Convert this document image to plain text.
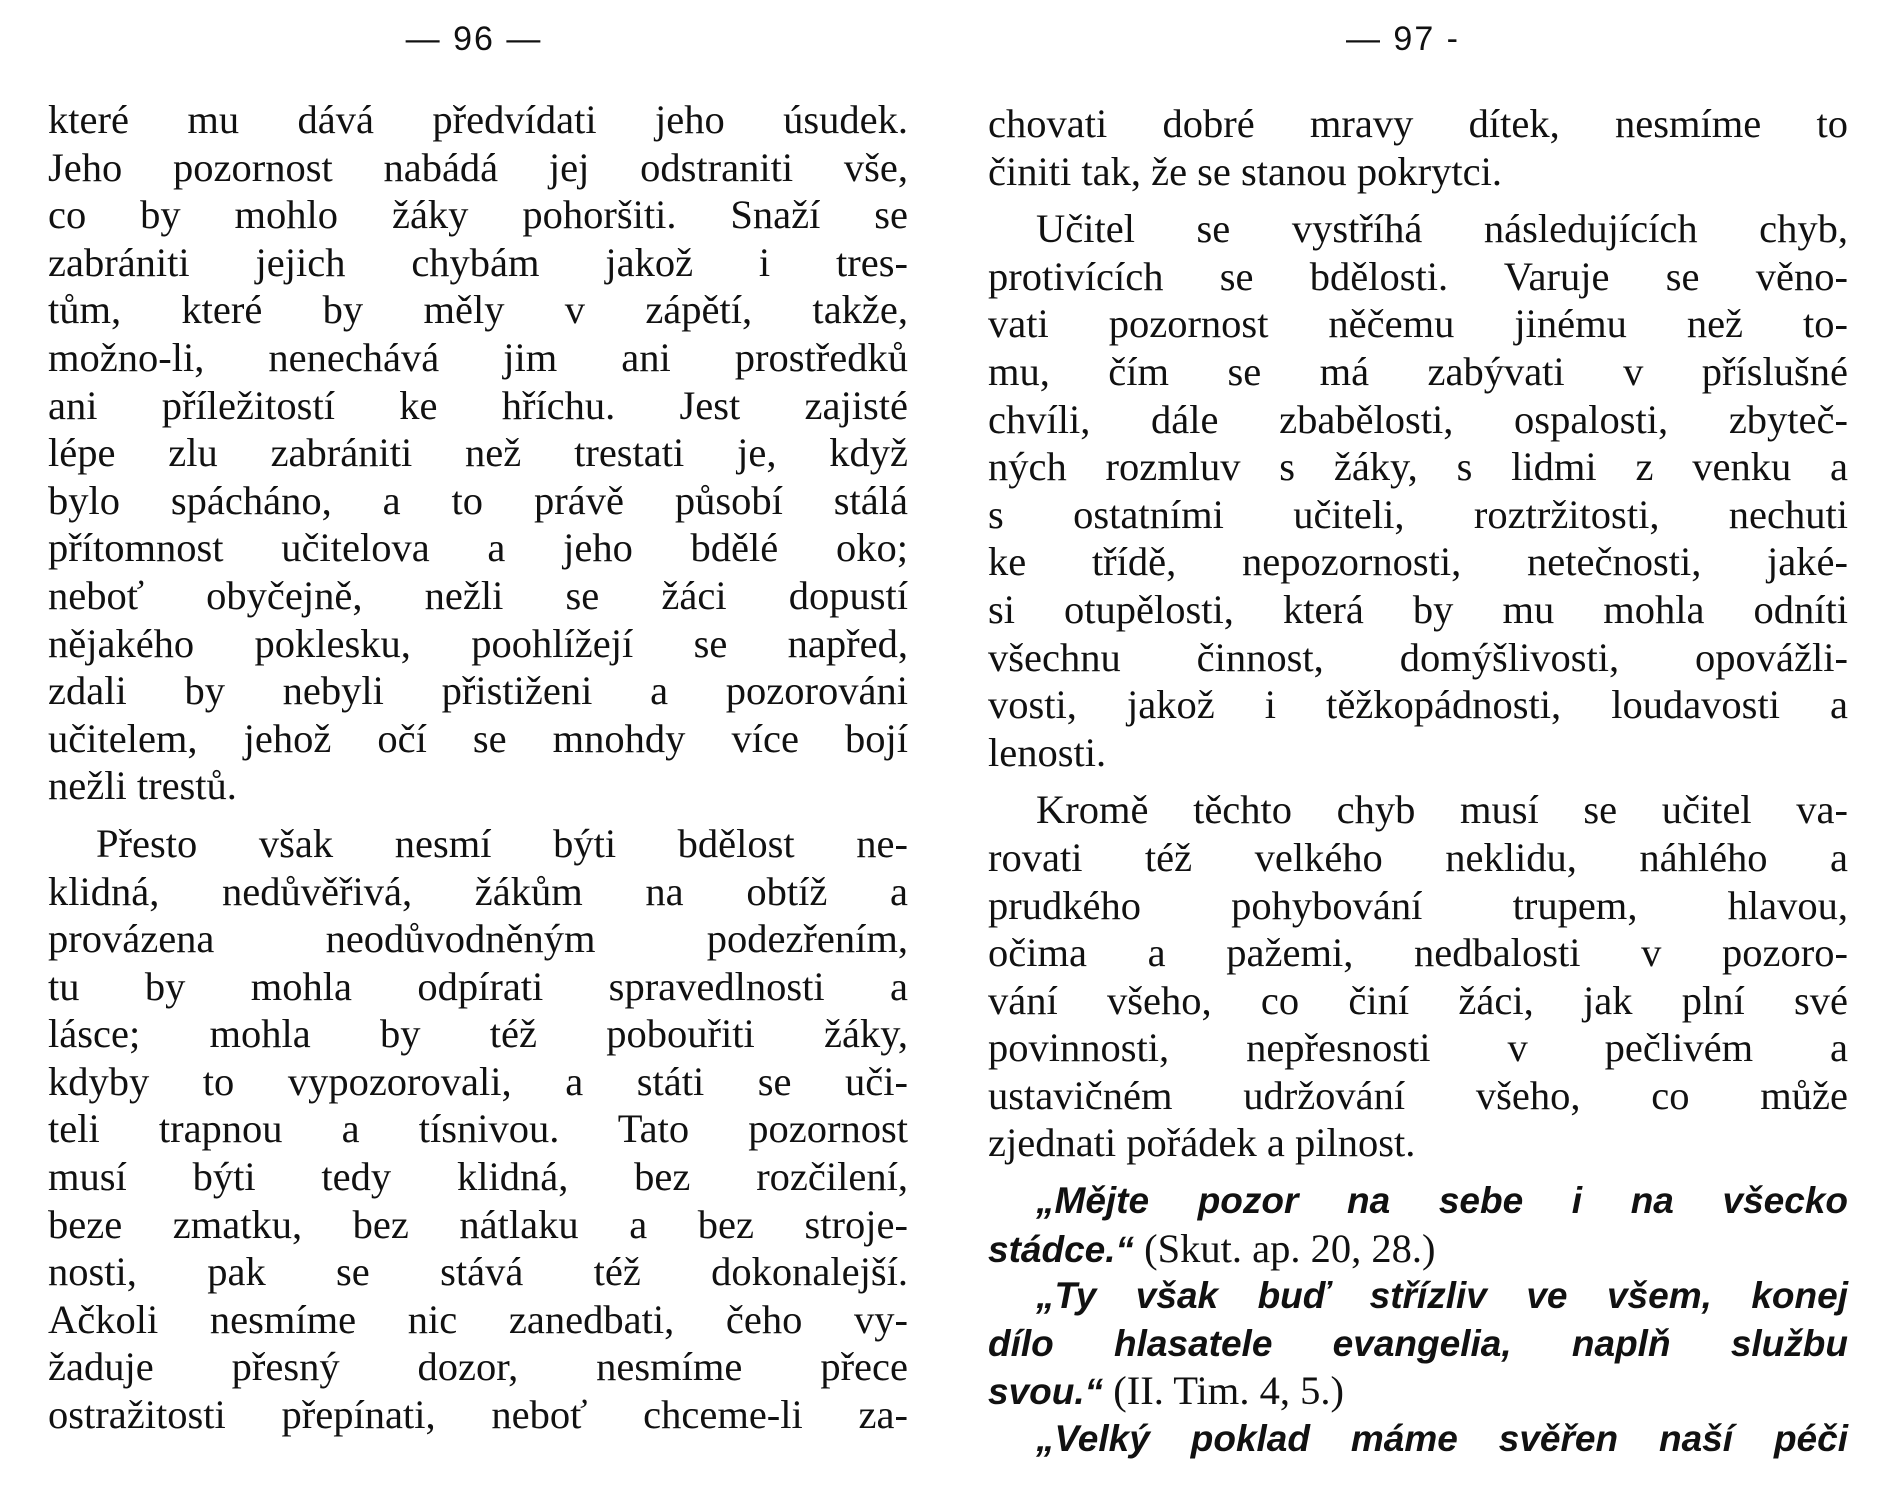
— 96 —
které mu dává předvídati jeho úsudek.
Jeho pozornost nabádá jej odstraniti vše,
co by mohlo žáky pohoršiti. Snaží se
zabrániti jejich chybám jakož i tres-
tům, které by měly v zápětí, takže,
možno-li, nenechává jim ani prostředků
ani příležitostí ke hříchu. Jest zajisté
lépe zlu zabrániti než trestati je, když
bylo spácháno, a to právě působí stálá
přítomnost učitelova a jeho bdělé oko;
neboť obyčejně, nežli se žáci dopustí
nějakého poklesku, poohlížejí se napřed,
zdali by nebyli přistiženi a pozorováni
učitelem, jehož očí se mnohdy více bojí
nežli trestů.
Přesto však nesmí býti bdělost ne-
klidná, nedůvěřivá, žákům na obtíž a
provázena neodůvodněným podezřením,
tu by mohla odpírati spravedlnosti a
lásce; mohla by též pobouřiti žáky,
kdyby to vypozorovali, a státi se uči-
teli trapnou a tísnivou. Tato pozornost
musí býti tedy klidná, bez rozčilení,
beze zmatku, bez nátlaku a bez stroje-
nosti, pak se stává též dokonalejší.
Ačkoli nesmíme nic zanedbati, čeho vy-
žaduje přesný dozor, nesmíme přece
ostražitosti přepínati, neboť chceme-li za-
— 97 -
chovati dobré mravy dítek, nesmíme to
činiti tak, že se stanou pokrytci.
Učitel se vystříhá následujících chyb,
protivících se bdělosti. Varuje se věno-
vati pozornost něčemu jinému než to-
mu, čím se má zabývati v příslušné
chvíli, dále zbabělosti, ospalosti, zbyteč-
ných rozmluv s žáky, s lidmi z venku a
s ostatními učiteli, roztržitosti, nechuti
ke třídě, nepozornosti, netečnosti, jaké-
si otupělosti, která by mu mohla odníti
všechnu činnost, domýšlivosti, opovážli-
vosti, jakož i těžkopádnosti, loudavosti a
lenosti.
Kromě těchto chyb musí se učitel va-
rovati též velkého neklidu, náhlého a
prudkého pohybování trupem, hlavou,
očima a pažemi, nedbalosti v pozoro-
vání všeho, co činí žáci, jak plní své
povinnosti, nepřesnosti v pečlivém a
ustavičném udržování všeho, co může
zjednati pořádek a pilnost.
„Mějte pozor na sebe i na všecko
stádce.“ (Skut. ap. 20, 28.)
„Ty však buď střízliv ve všem, konej
dílo hlasatele evangelia, naplň službu
svou.“ (II. Tim. 4, 5.)
„Velký poklad máme svěřen naší péči
